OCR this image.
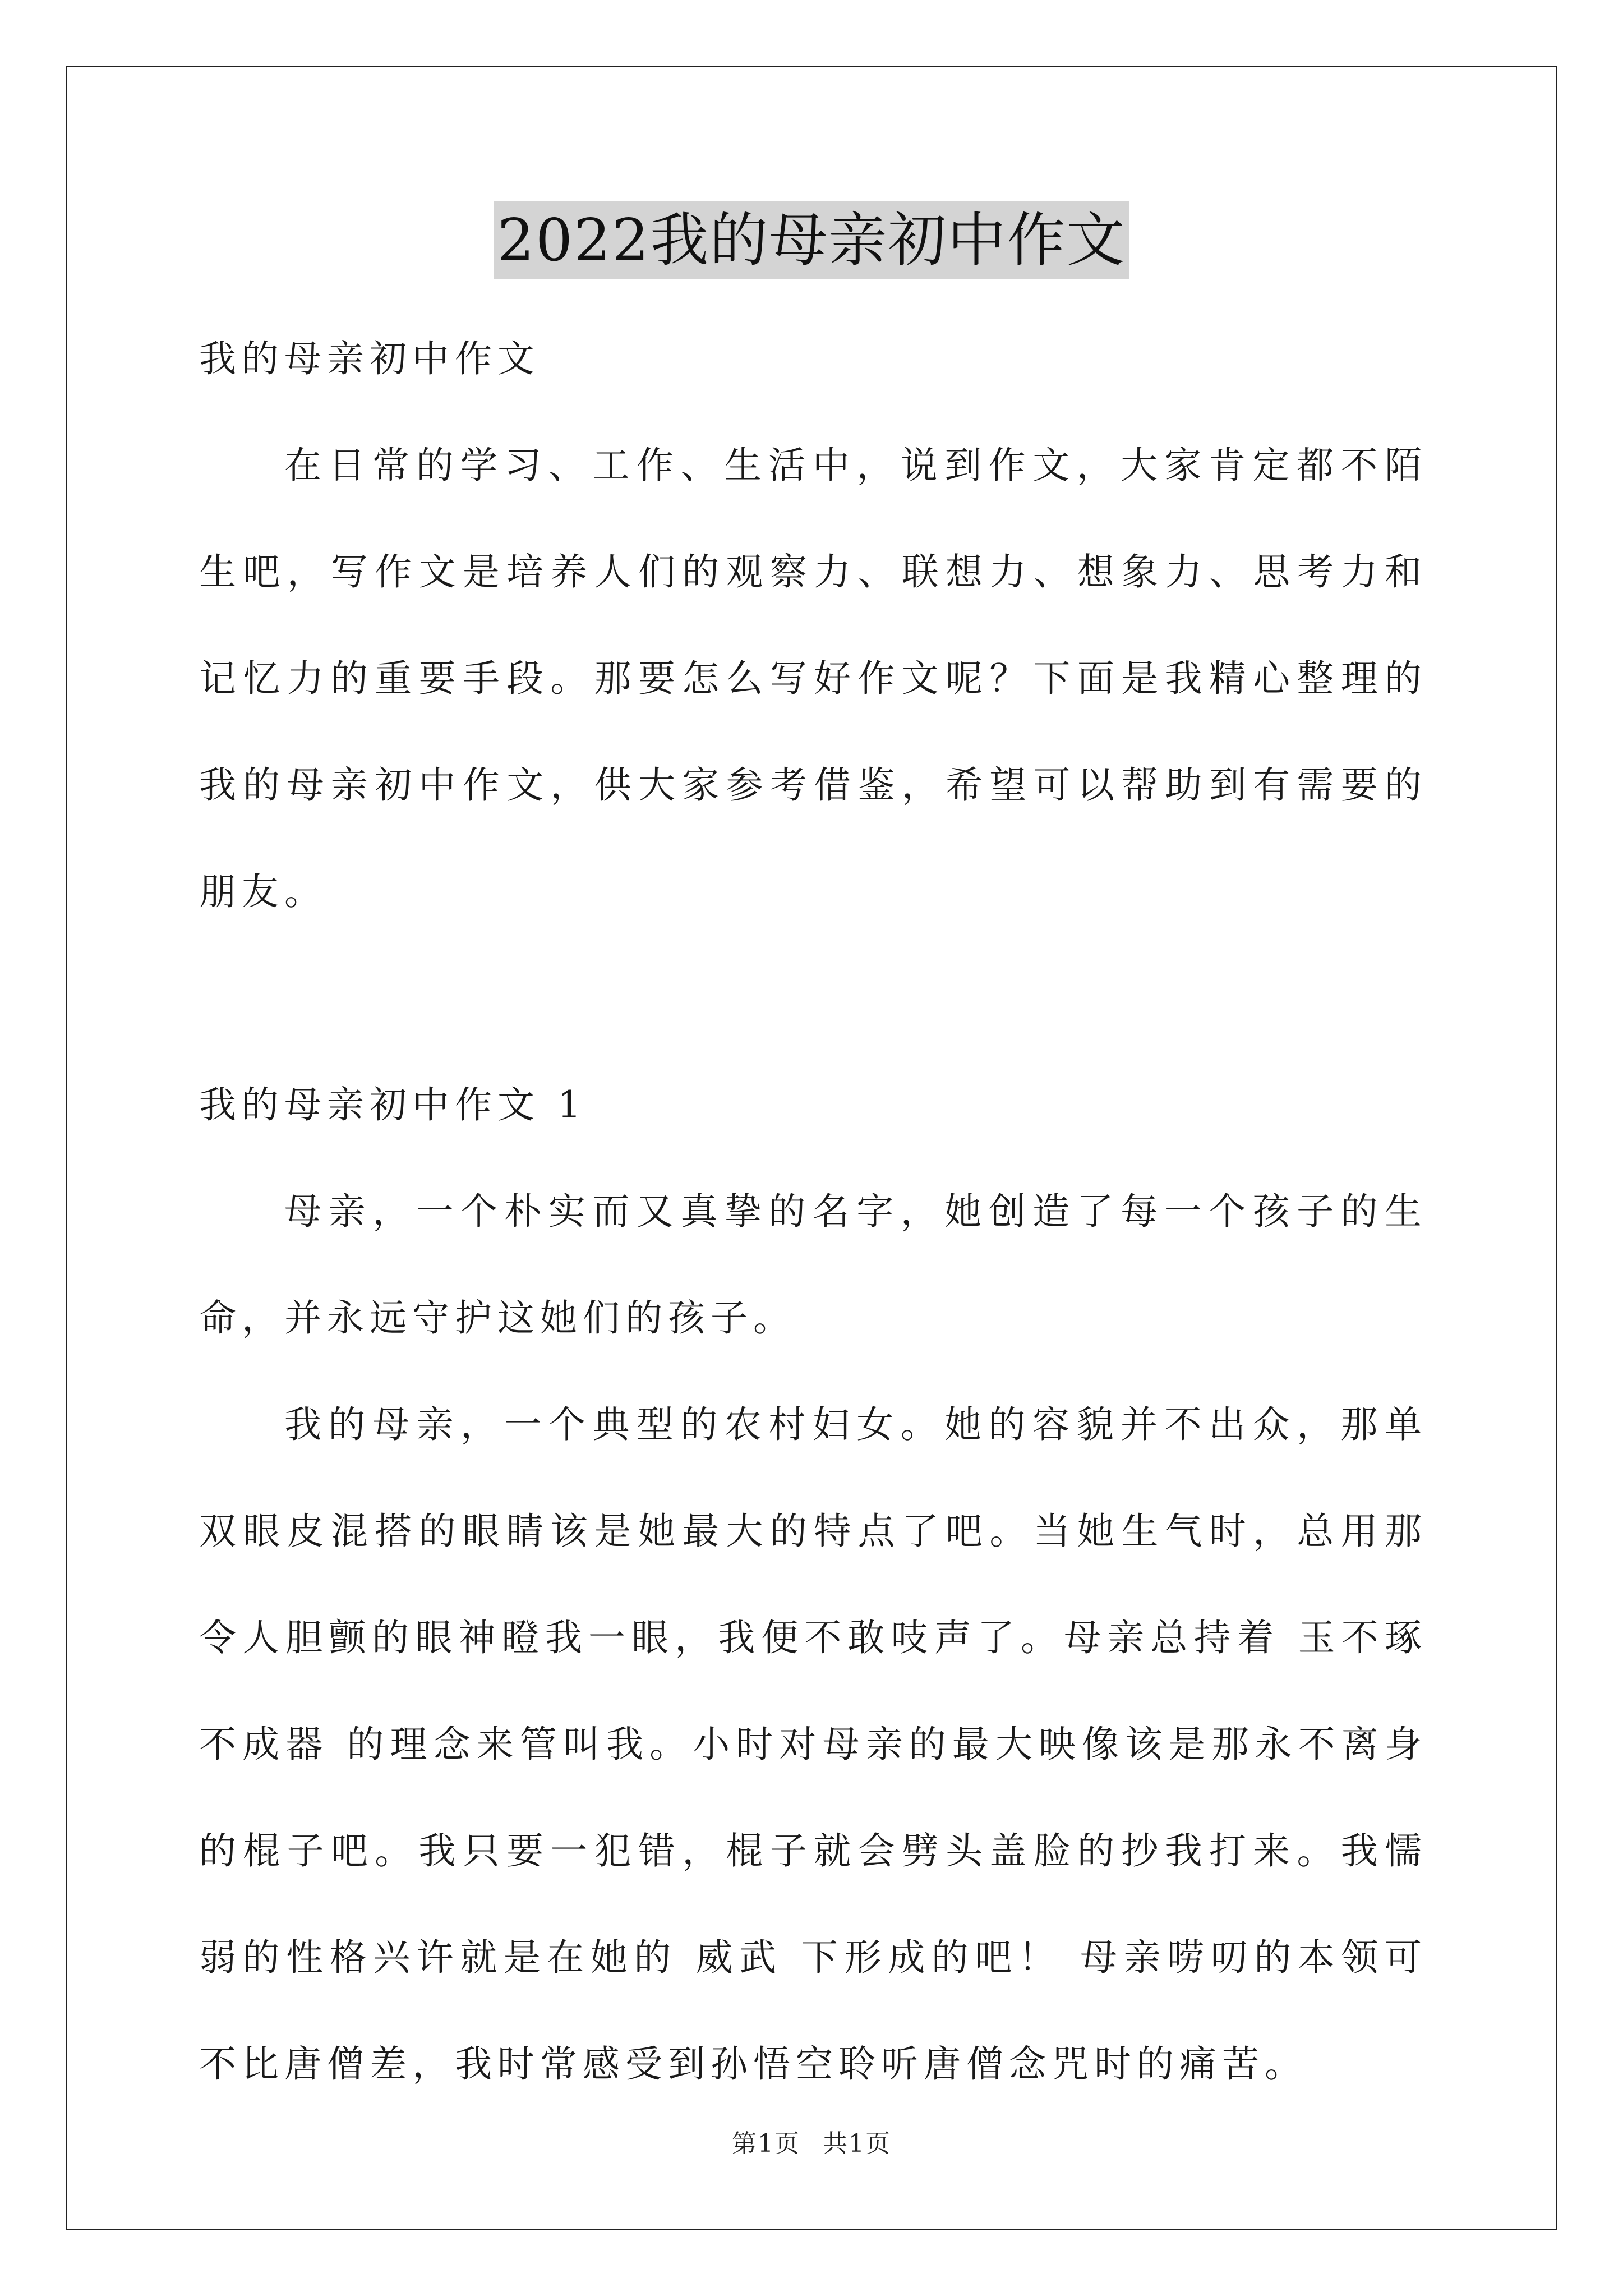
2022我的母亲初中作文

我的母亲初中作文

在日常的学习、工作、生活中，说到作文，大家肯定都不陌生吧，写作文是培养人们的观察力、联想力、想象力、思考力和记忆力的重要手段。那要怎么写好作文呢？下面是我精心整理的我的母亲初中作文，供大家参考借鉴，希望可以帮助到有需要的朋友。

我的母亲初中作文 1

母亲，一个朴实而又真挚的名字，她创造了每一个孩子的生命，并永远守护这她们的孩子。

我的母亲，一个典型的农村妇女。她的容貌并不出众，那单双眼皮混搭的眼睛该是她最大的特点了吧。当她生气时，总用那令人胆颤的眼神瞪我一眼，我便不敢吱声了。母亲总持着 玉不琢不成器 的理念来管叫我。小时对母亲的最大映像该是那永不离身的棍子吧。我只要一犯错，棍子就会劈头盖脸的抄我打来。我懦弱的性格兴许就是在她的 威武 下形成的吧！ 母亲唠叨的本领可不比唐僧差，我时常感受到孙悟空聆听唐僧念咒时的痛苦。

第1页 共1页
